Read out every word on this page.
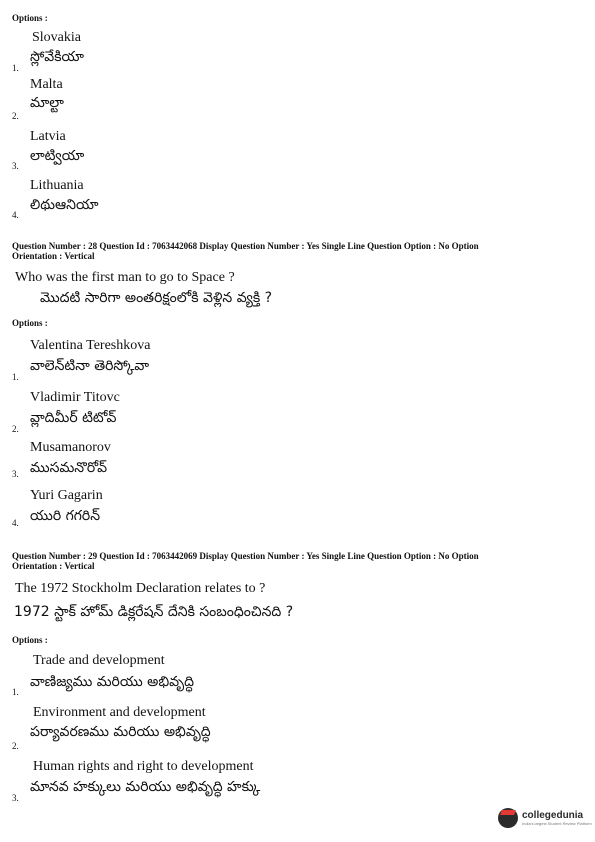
Options :
Slovakia
స్లోవేకియా
1.
Malta
మాల్టా
2.
Latvia
లాట్వియా
3.
Lithuania
లిథుఆనియా
4.
Question Number : 28 Question Id : 7063442068 Display Question Number : Yes Single Line Question Option : No Option
Orientation : Vertical
Who was the first man to go to Space ?
మొదటి సారిగా అంతరిక్షంలోకి వెళ్లిన వ్యక్తి ?
Options :
Valentina Tereshkova
వాలెన్‌టినా తెరిస్కోవా
1.
Vladimir Titovc
వ్లాదిమీర్ టిటోవ్
2.
Musamanorov
ముసమనొరోవ్
3.
Yuri Gagarin
యురి గగరిన్
4.
Question Number : 29 Question Id : 7063442069 Display Question Number : Yes Single Line Question Option : No Option
Orientation : Vertical
The 1972 Stockholm Declaration relates to ?
1972 స్టాక్ హోమ్ డిక్లరేషన్ దేనికి సంబంధించినది ?
Options :
Trade and development
వాణిజ్యము మరియు అభివృద్ధి
1.
Environment and development
పర్యావరణము మరియు అభివృద్ధి
2.
Human rights and right to development
మానవ హక్కులు మరియు అభివృద్ధి హక్కు
3.
collegedunia
India's largest Student Review Platform
